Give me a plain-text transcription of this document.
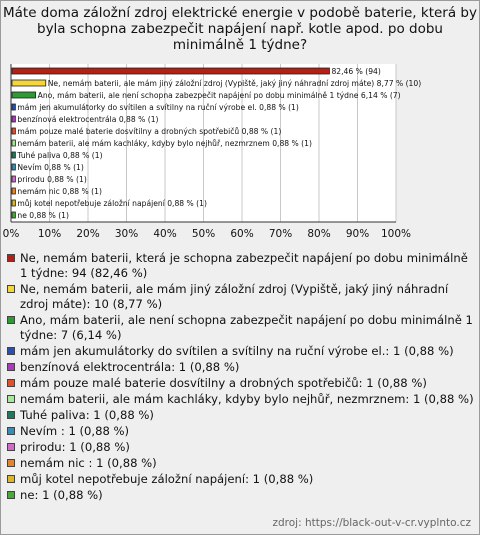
Máte doma záložní zdroj elektrické energie v podobě baterie, která by byla schopna zabezpečit napájení např. kotle apod. po dobu minimálně 1 týdne?
0% 10% 20% 30% 40% 50% 60% 70% 80% 90% 100%
82,46 % (94)
Ne, nemám baterii, ale mám jiný záložní zdroj (Vypiště, jaký jiný náhradní zdroj máte) 8,77 % (10)
Ano, mám baterii, ale není schopna zabezpečit napájení po dobu minimálně 1 týdne 6,14 % (7)
mám jen akumulátorky do svítilen a svítilny na ruční výrobe el. 0,88 % (1)
benzínová elektrocentrála 0,88 % (1)
mám pouze malé baterie dosvítilny a drobných spotřebičů 0,88 % (1)
nemám baterii, ale mám kachláky, kdyby bylo nejhůř, nezmrznem 0,88 % (1)
Tuhé paliva 0,88 % (1)
Nevím 0,88 % (1)
prirodu 0,88 % (1)
nemám nic 0,88 % (1)
můj kotel nepotřebuje záložní napájení 0,88 % (1)
ne 0,88 % (1)
Ne, nemám baterii, která je schopna zabezpečit napájení po dobu minimálně 1 týdne: 94 (82,46 %)
Ne, nemám baterii, ale mám jiný záložní zdroj (Vypiště, jaký jiný náhradní zdroj máte): 10 (8,77 %)
Ano, mám baterii, ale není schopna zabezpečit napájení po dobu minimálně 1 týdne: 7 (6,14 %)
mám jen akumulátorky do svítilen a svítilny na ruční výrobe el.: 1 (0,88 %)
benzínová elektrocentrála: 1 (0,88 %)
mám pouze malé baterie dosvítilny a drobných spotřebičů: 1 (0,88 %)
nemám baterii, ale mám kachláky, kdyby bylo nejhůř, nezmrznem: 1 (0,88 %)
Tuhé paliva: 1 (0,88 %)
Nevím : 1 (0,88 %)
prirodu: 1 (0,88 %)
nemám nic : 1 (0,88 %)
můj kotel nepotřebuje záložní napájení: 1 (0,88 %)
ne: 1 (0,88 %)
zdroj: https://black-out-v-cr.vyplnto.cz
